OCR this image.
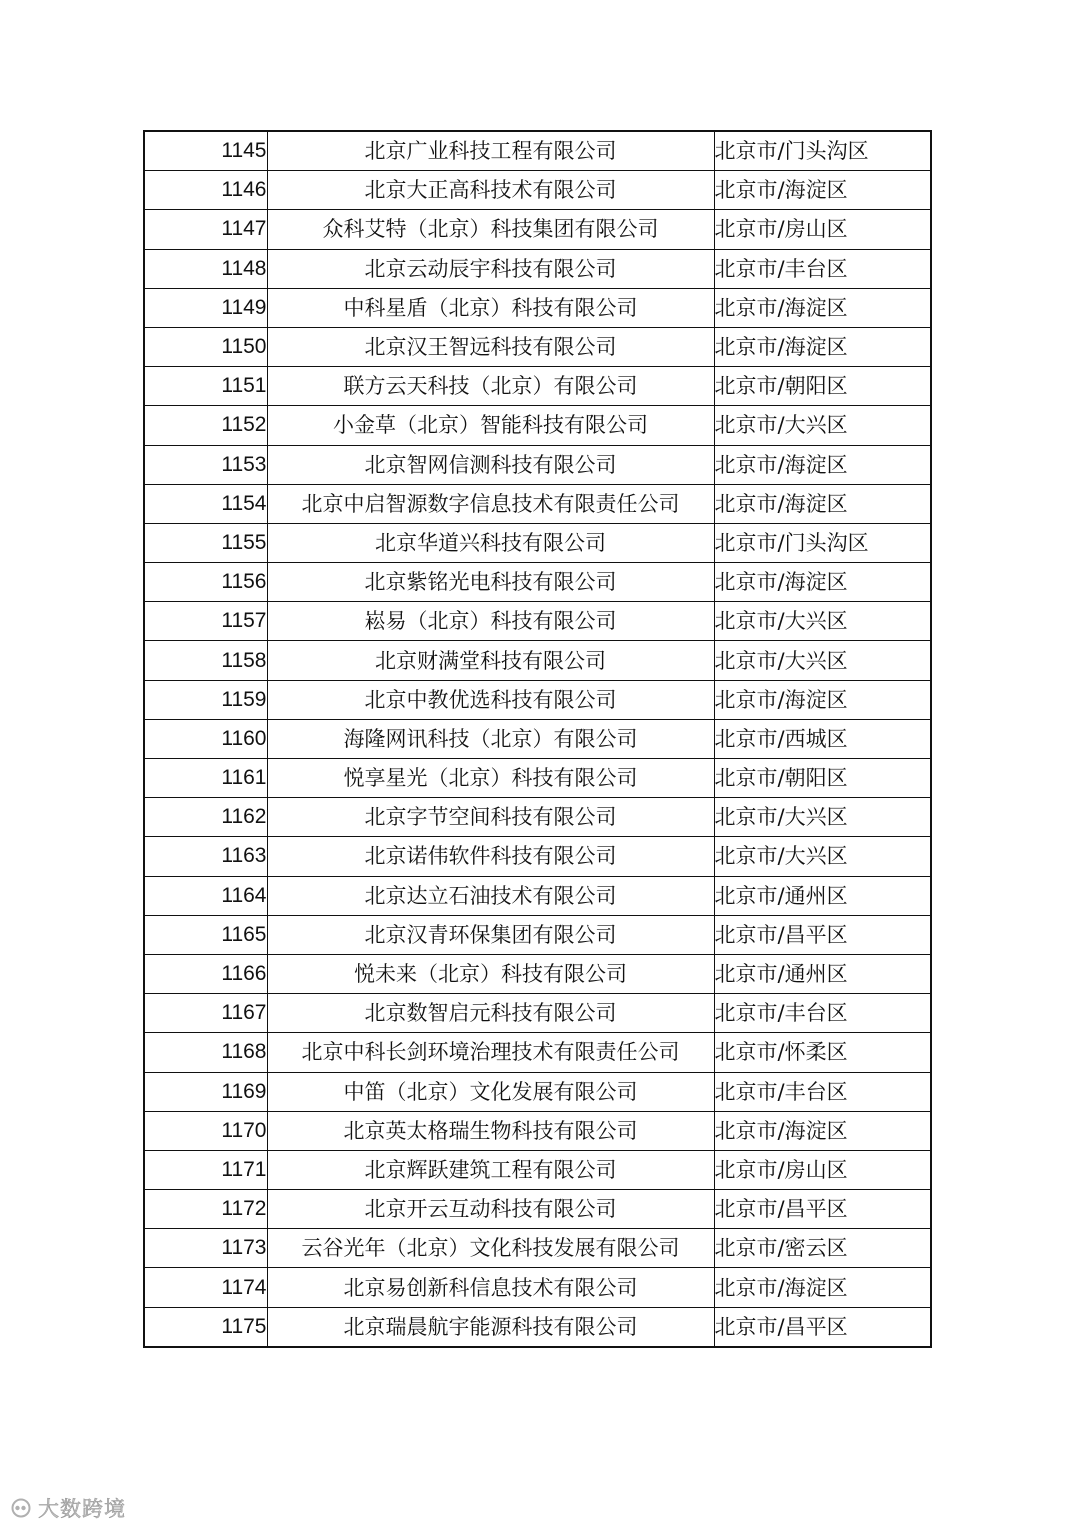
1145	北京广业科技工程有限公司	北京市/门头沟区
1146	北京大正高科技术有限公司	北京市/海淀区
1147	众科艾特（北京）科技集团有限公司	北京市/房山区
1148	北京云动辰宇科技有限公司	北京市/丰台区
1149	中科星盾（北京）科技有限公司	北京市/海淀区
1150	北京汉王智远科技有限公司	北京市/海淀区
1151	联方云天科技（北京）有限公司	北京市/朝阳区
1152	小金草（北京）智能科技有限公司	北京市/大兴区
1153	北京智网信测科技有限公司	北京市/海淀区
1154	北京中启智源数字信息技术有限责任公司	北京市/海淀区
1155	北京华道兴科技有限公司	北京市/门头沟区
1156	北京紫铭光电科技有限公司	北京市/海淀区
1157	崧易（北京）科技有限公司	北京市/大兴区
1158	北京财满堂科技有限公司	北京市/大兴区
1159	北京中教优选科技有限公司	北京市/海淀区
1160	海隆网讯科技（北京）有限公司	北京市/西城区
1161	悦享星光（北京）科技有限公司	北京市/朝阳区
1162	北京字节空间科技有限公司	北京市/大兴区
1163	北京诺伟软件科技有限公司	北京市/大兴区
1164	北京达立石油技术有限公司	北京市/通州区
1165	北京汉青环保集团有限公司	北京市/昌平区
1166	悦未来（北京）科技有限公司	北京市/通州区
1167	北京数智启元科技有限公司	北京市/丰台区
1168	北京中科长剑环境治理技术有限责任公司	北京市/怀柔区
1169	中笛（北京）文化发展有限公司	北京市/丰台区
1170	北京英太格瑞生物科技有限公司	北京市/海淀区
1171	北京辉跃建筑工程有限公司	北京市/房山区
1172	北京开云互动科技有限公司	北京市/昌平区
1173	云谷光年（北京）文化科技发展有限公司	北京市/密云区
1174	北京易创新科信息技术有限公司	北京市/海淀区
1175	北京瑞晨航宇能源科技有限公司	北京市/昌平区
大数跨境
